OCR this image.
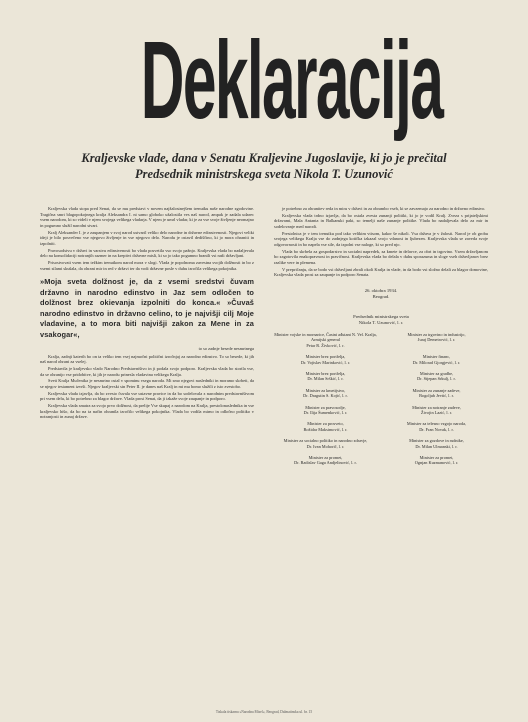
Deklaracija
Kraljevske vlade, dana v Senatu Kraljevine Jugoslavije, ki jo je prečital
Predsednik ministrskega sveta Nikola T. Uzunović

Kraljevska vlada stopa pred Senat, da se mu predstavi v novem najžalostnejšem trenutku naše narodne zgodovine. Tragična smrt blagopokojnega kralja Aleksandra I. ni samo globoko užalostila ves naš narod, ampak je zadala udarec vsem narodom, ki so videli v njem svojega velikega vladarja. V njem je umrl vladar, ki je za vse svoje življenje neomajno in pogumno služil narodni stvari.

Kralj Aleksander I. je z zaupanjem v svoj narod ustvaril veliko delo narodne in državne edinstvenosti. Njegovi veliki ideji je bilo posvečeno vse njegovo življenje in vse njegovo delo. Narodu je ostavil dediščino, ki jo mora ohraniti in izpolniti.

Pravosodstvu v državi in varstvu edinstvenosti bo vlada posvetila vso svojo pažnjo. Kraljevska vlada bo nadaljevala delo na konsolidaciji notranjih razmer in na krepitvi državne misli, ki so jo tako pogumno branili vsi naši državljani.

Prisostvovati vsem tem težkim trenutkom narod mora v slogi. Vlada je popolnoma zavestna svojih dolžnosti in bo z vsemi silami skušala, da ohrani mir in red v državi ter da vodi državne posle v duhu izročila velikega pokojnika.

»Moja sveta dolžnost je, da z vsemi sredstvi čuvam državno in narodno edinstvo in Jaz sem odločen to dolžnost brez okievanja izpolniti do konca.« »Čuvaš narodno edinstvo in državno celino, to je najvišji cilj Moje vladavine, a to mora biti najvišji zakon za Mene in za vsakogar«,

to so zadnje besede nesmrtnega

Kralja, zadnji katerih bo on ta veliko tem vsej najmočni politični izročnjaj za narodno edinstvo. To so besede, ki jih naš narod ohrani za vselej.

Predstavila je kraljevsko vlado Narodno Predstavništvo in ji podala svojo podporo. Kraljevska vlada bo storila vse, da se ohranijo vse pridobitve, ki jih je narodu prinesla vladavina velikega Kralja.

Sveti Kralja Mučenika je nesmrtno ostal v spominu vsega naroda. Mi smo njegovi nasledniki in moramo skrbeti, da se njegov testament izvrši. Njegov kraljevski sin Peter II. je danes naš Kralj in mi mu bomo služili z isto zvestobo.

Kraljevska vlada izjavlja, da bo zvesto čuvala vse ustavne pravice in da bo sodelovala z narodnim predstavništvom pri vsem delu, ki bo potrebno za blagor države. Vlada prosi Senat, da ji izkaže svoje zaupanje in podporo.

Kraljevska vlada smatra za svojo prvo dolžnost, da prelije Vse skupaj z narodom na Kralja, prestolonaslednika in vse kraljevsko hišo, da bo na ta način ohranila izročilo velikega pokojnika. Vlada bo vodila mirno in odločno politiko v notranjosti in zunaj države.

je potrebno za ohranitev reda in miru v državi in za obrambo vseh, ki se zavzemajo za narodno in državno edinstvo.

Kraljevska vlada trdno izjavlja, da bo ostala zvesta zunanji politiki, ki jo je vodil Kralj. Zveza s prijateljskimi državami, Mala Antanta in Balkanski pakt, so temelji naše zunanje politike. Vlada bo nadaljevala delo za mir in sodelovanje med narodi.

Prestolnica je v tem trenutku pod tako velikim vtisom, kakor še nikoli. Vsa država je v žalosti. Narod je ob grobu svojega velikega Kralja vse do zadnjega kotička izkazal svojo vdanost in ljubezen. Kraljevska vlada se zaveda svoje odgovornosti in bo napela vse sile, da izpolni vse naloge, ki so pred njo.

Vlada bo skrbela za gospodarstvo in socialni napredek, za kmete in delavce, za obrt in trgovino. Vsem državljanom bo zagotovila enakopravnost in pravičnost. Kraljevska vlada bo delala v duhu sporazuma in sloge vseh državljanov brez razlike vere in plemena.

V prepričanju, da se bodo vsi državljani zbrali okoli Kralja in vlade, in da bodo vsi složno delali za blagor domovine, Kraljevska vlada prosi za zaupanje in podporo Senata.

26. oktobra 1934.
Beograd.
Predsednik ministrskega sveta
Nikola T. Uzunović, l. r.
Minister vojske in mornarice, Častni ađutant N. Vel. Kralja, Armijski general
Petar R. Živković, l. r.
Minister za trgovino in industrijo,
Juraj Demetrović, l. r.
Minister brez portfelja,
Dr. Vojislav Marinković, l. r.
Minister financ,
Dr. Milorad Gjorgjević, l. r.
Minister brez portfelja,
Dr. Milan Srškić, l. r.
Minister za gradbe,
Dr. Stjepan Srkulj, l. r.
Minister za kmetijstvo,
Dr. Dragutin S. Kojić, l. r.
Minister za zunanje zadeve,
Bogoljub Jevtić, l. r.
Minister za pravosodje,
Dr. Ilija Šumenković, l. r.
Minister za notranje zadeve,
Živojin Lazić, l. r.
Minister za prosveto,
Božidar Maksimović, l. r.
Minister za telesno vzgojo naroda,
Dr. Fran Novak, l. r.
Minister za socialno politiko in narodno zdravje,
Dr. Ivan Mohorič, l. r.
Minister za gozdove in rudnike,
Dr. Milan Ulmanski, l. r.
Minister za promet,
Dr. Radislav Gaga Andjelinović, l. r.
Minister za promet,
Ognjan Kuzmanović, l. r.
Tiskala tiskarna »Narodna Misel«, Beograd, Dalmatinska ul. br. 15
